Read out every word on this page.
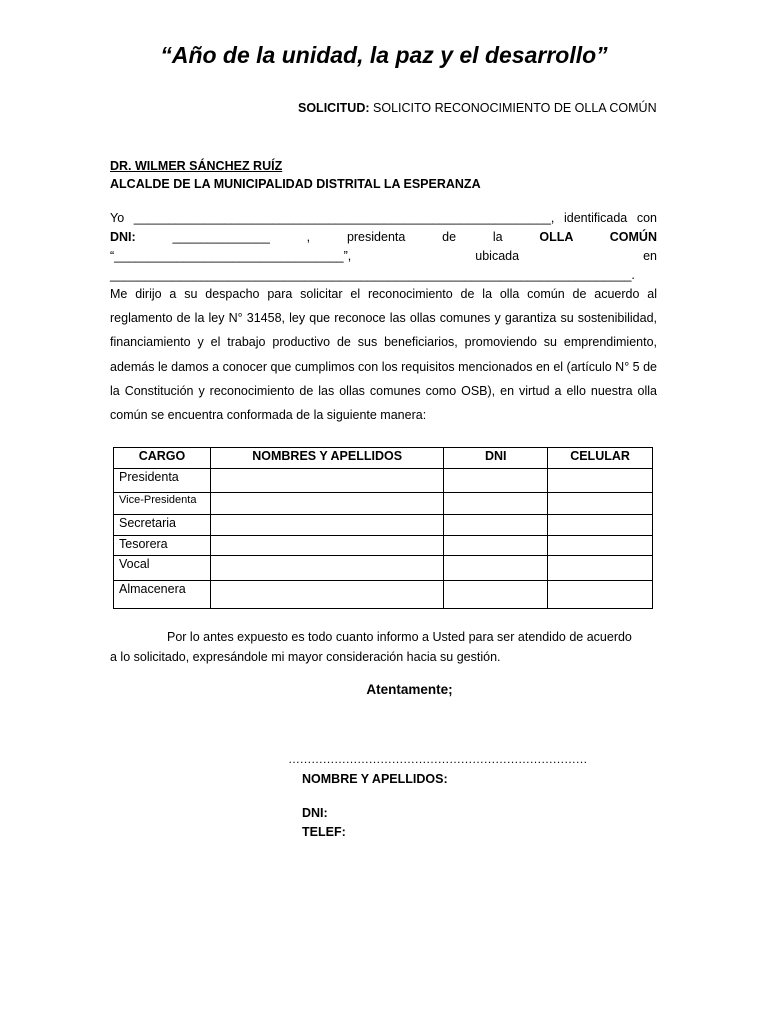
“Año de la unidad, la paz y el desarrollo”
SOLICITUD: SOLICITO RECONOCIMIENTO DE OLLA COMÚN
DR. WILMER SÁNCHEZ RUÍZ
ALCALDE DE LA MUNICIPALIDAD DISTRITAL LA ESPERANZA
Yo ____________________________________________________________, identificada con DNI:	______________ , presidenta de la OLLA COMÚN “_________________________________”,	ubicada en ___________________________________________________________________________.
Me dirijo a su despacho para solicitar el reconocimiento de la olla común de acuerdo al reglamento de la ley N° 31458, ley que reconoce las ollas comunes y garantiza su sostenibilidad, financiamiento y el trabajo productivo de sus beneficiarios, promoviendo su emprendimiento, además le damos a conocer que cumplimos con los requisitos mencionados en el (artículo N° 5 de la Constitución y reconocimiento de las ollas comunes como OSB), en virtud a ello nuestra olla común se encuentra conformada de la siguiente manera:
CARGO	NOMBRES Y APELLIDOS	DNI	CELULAR
Presidenta			
Vice-Presidenta			
Secretaria			
Tesorera			
Vocal			
Almacenera			
Por lo antes expuesto es todo cuanto informo a Usted para ser atendido de acuerdo
a lo solicitado, expresándole mi mayor consideración hacia su gestión.
Atentamente;
……………………………………………………………………
NOMBRE Y APELLIDOS:
DNI:
TELEF:
